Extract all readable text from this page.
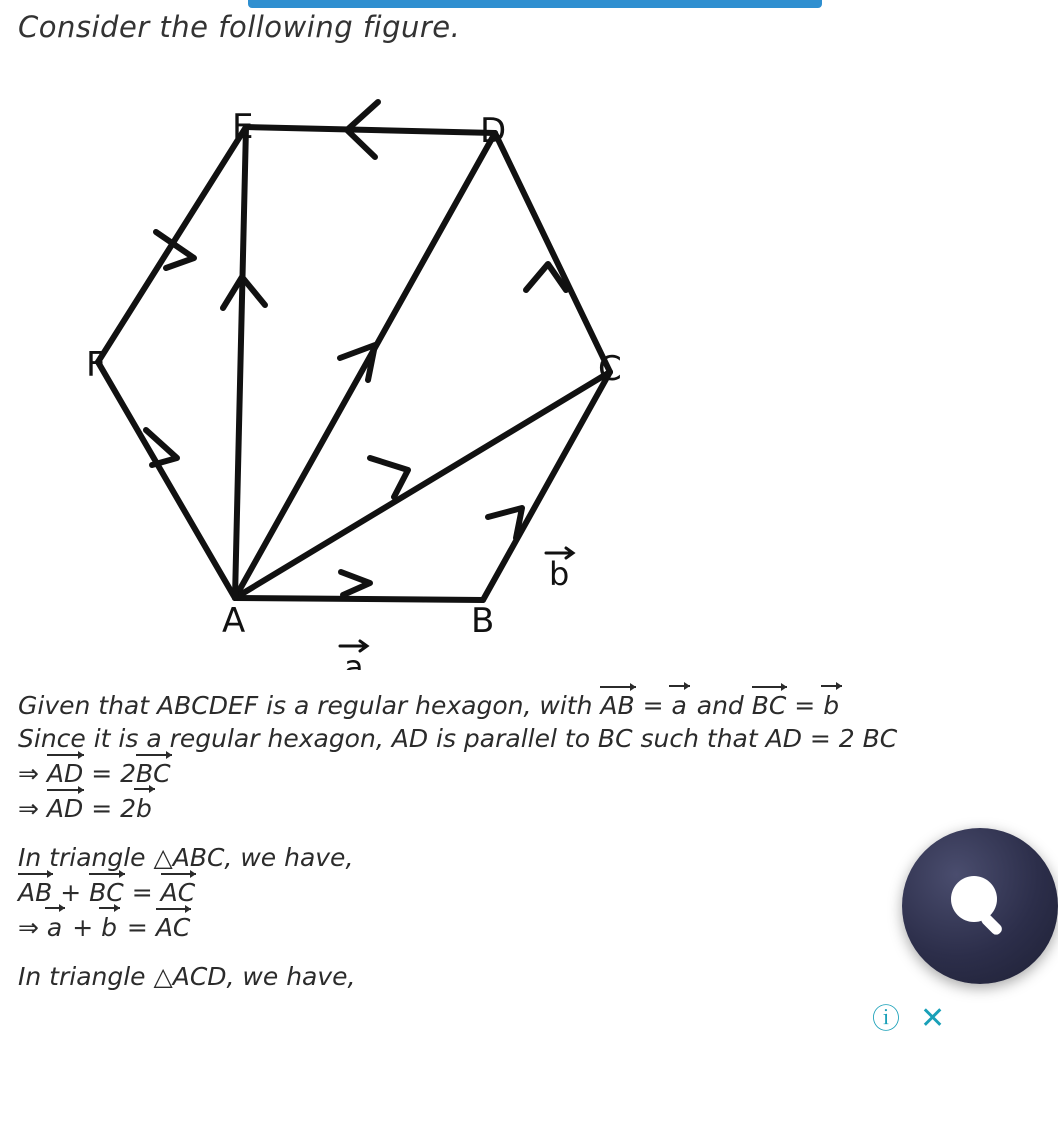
Consider the following figure.
A	B
C
D
E
F
a
b
Given that ABCDEF is a regular hexagon, with AB = a and BC = b
Since it is a regular hexagon, AD is parallel to BC such that AD = 2 BC
⇒ AD = 2BC
⇒ AD = 2b
In triangle △ABC, we have,
AB + BC = AC
⇒ a + b = AC
In triangle △ACD, we have,
ⓘ ✕
